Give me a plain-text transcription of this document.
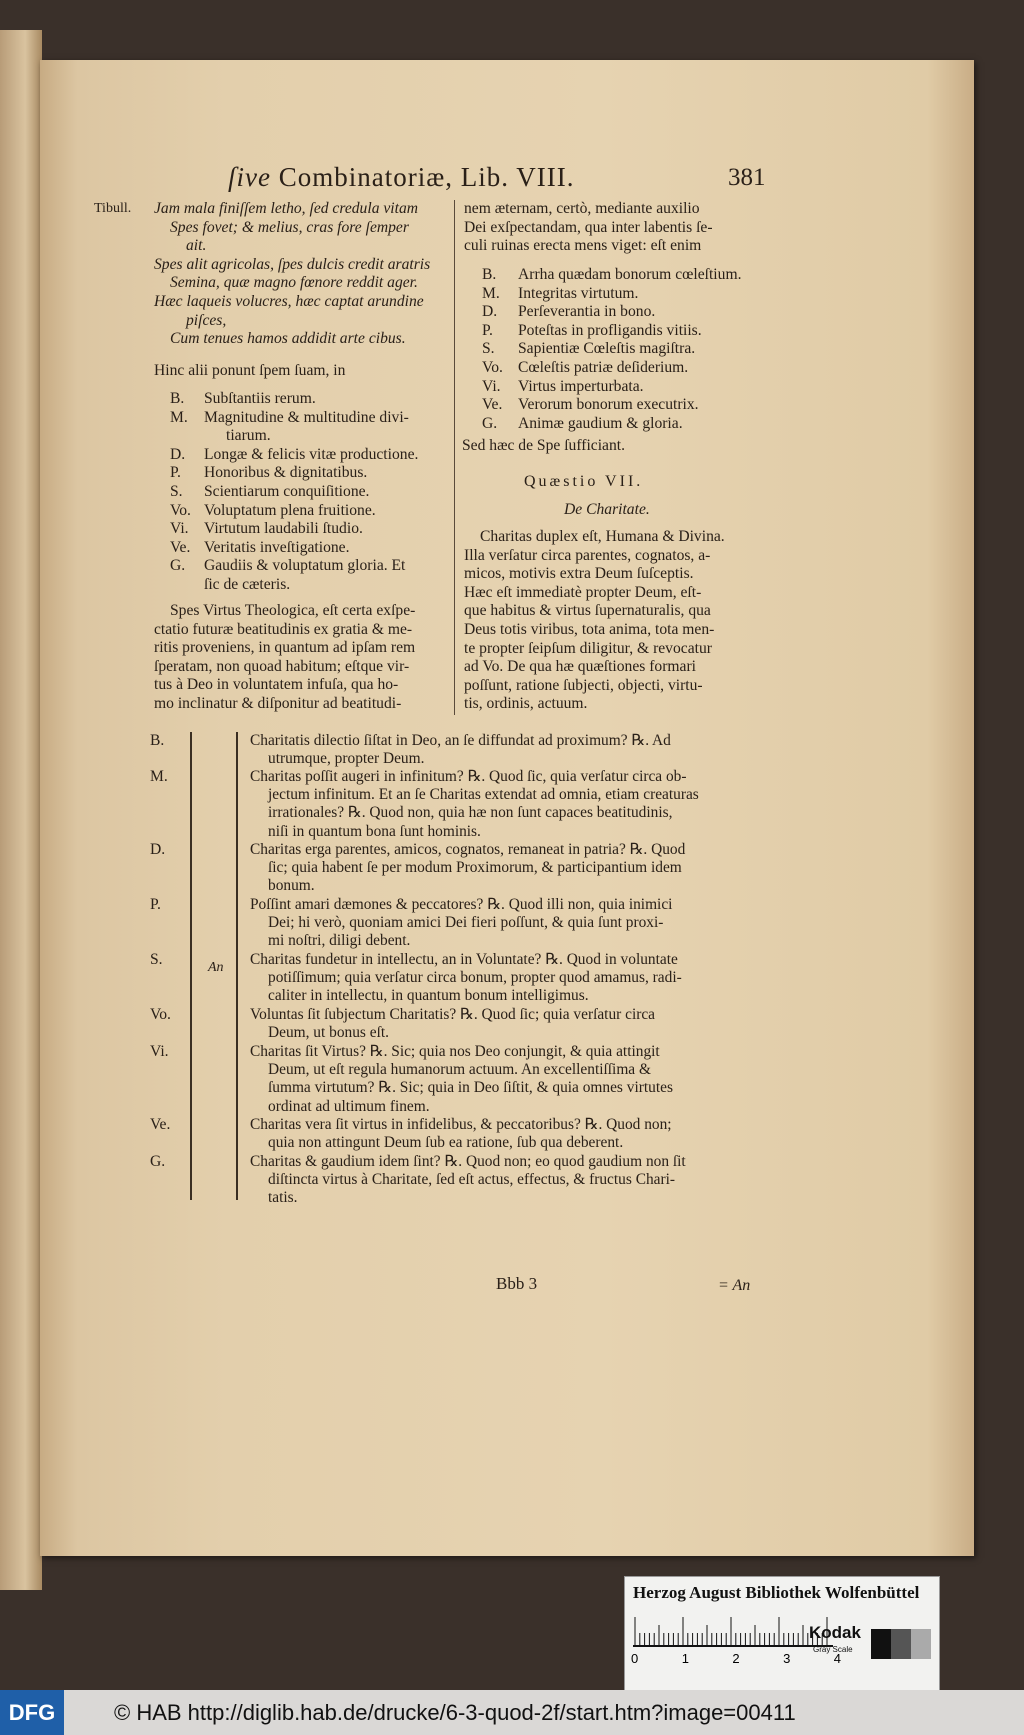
ſive Combinatoriæ, Lib. VIII.	381
Tibull. Jam mala finiſſem letho, ſed credula vitam
Spes fovet; & melius, cras fore ſemper
ait.
Spes alit agricolas, ſpes dulcis credit aratris
Semina, quæ magno fœnore reddit ager.
Hæc laqueis volucres, hæc captat arundine
piſces,
Cum tenues hamos addidit arte cibus.
Hinc alii ponunt ſpem ſuam, in
B.	Subſtantiis rerum.
M.	Magnitudine & multitudine divi-
tiarum.
D.	Longæ & felicis vitæ productione.
P.	Honoribus & dignitatibus.
S.	Scientiarum conquiſitione.
Vo. Voluptatum plena fruitione.
Vi. Virtutum laudabili ſtudio.
Ve. Veritatis inveſtigatione.
G.	Gaudiis & voluptatum gloria. Et
ſic de cæteris.
Spes Virtus Theologica, eſt certa exſpe-
ctatio futuræ beatitudinis ex gratia & me-
ritis proveniens, in quantum ad ipſam rem
ſperatam, non quoad habitum; eſtque vir-
tus à Deo in voluntatem infuſa, qua ho-
mo inclinatur & diſponitur ad beatitudi-
nem æternam, certò, mediante auxilio
Dei exſpectandam, qua inter labentis ſe-
culi ruinas erecta mens viget: eſt enim
B.	Arrha quædam bonorum cœleſtium.
M.	Integritas virtutum.
D.	Perſeverantia in bono.
P.	Poteſtas in profligandis vitiis.
S.	Sapientiæ Cœleſtis magiſtra.
Vo. Cœleſtis patriæ deſiderium.
Vi.	Virtus imperturbata.
Ve.	Verorum bonorum executrix.
G.	Animæ gaudium & gloria.
Sed hæc de Spe ſufficiant.
Quæstio VII.
De Charitate.
Charitas duplex eſt, Humana & Divina.
Illa verſatur circa parentes, cognatos, a-
micos, motivis extra Deum ſuſceptis.
Hæc eſt immediatè propter Deum, eſt-
que habitus & virtus ſupernaturalis, qua
Deus totis viribus, tota anima, tota men-
te propter ſeipſum diligitur, & revocatur
ad Vo. De qua hæ quæſtiones formari
poſſunt, ratione ſubjecti, objecti, virtu-
tis, ordinis, actuum.
An
B.	Charitatis dilectio ſiſtat in Deo, an ſe diffundat ad proximum? ℞. Ad
utrumque, propter Deum.
M.	Charitas poſſit augeri in infinitum? ℞. Quod ſic, quia verſatur circa ob-
jectum infinitum. Et an ſe Charitas extendat ad omnia, etiam creaturas
irrationales? ℞. Quod non, quia hæ non ſunt capaces beatitudinis,
niſi in quantum bona ſunt hominis.
D.	Charitas erga parentes, amicos, cognatos, remaneat in patria? ℞. Quod
ſic; quia habent ſe per modum Proximorum, & participantium idem
bonum.
P.	Poſſint amari dæmones & peccatores? ℞. Quod illi non, quia inimici
Dei; hi verò, quoniam amici Dei fieri poſſunt, & quia ſunt proxi-
mi noſtri, diligi debent.
S.	Charitas fundetur in intellectu, an in Voluntate? ℞. Quod in voluntate
potiſſimum; quia verſatur circa bonum, propter quod amamus, radi-
caliter in intellectu, in quantum bonum intelligimus.
Vo.	Voluntas ſit ſubjectum Charitatis? ℞. Quod ſic; quia verſatur circa
Deum, ut bonus eſt.
Vi.	Charitas ſit Virtus? ℞. Sic; quia nos Deo conjungit, & quia attingit
Deum, ut eſt regula humanorum actuum. An excellentiſſima &
ſumma virtutum? ℞. Sic; quia in Deo ſiſtit, & quia omnes virtutes
ordinat ad ultimum finem.
Ve.	Charitas vera ſit virtus in infidelibus, & peccatoribus? ℞. Quod non;
quia non attingunt Deum ſub ea ratione, ſub qua deberent.
G.	Charitas & gaudium idem ſint? ℞. Quod non; eo quod gaudium non ſit
diſtincta virtus à Charitate, ſed eſt actus, effectus, & fructus Chari-
tatis.
Bbb 3	= An
Herzog August Bibliothek Wolfenbüttel
0	1	2	3	4
Kodak
Gray Scale
DFG	© HAB http://diglib.hab.de/drucke/6-3-quod-2f/start.htm?image=00411
